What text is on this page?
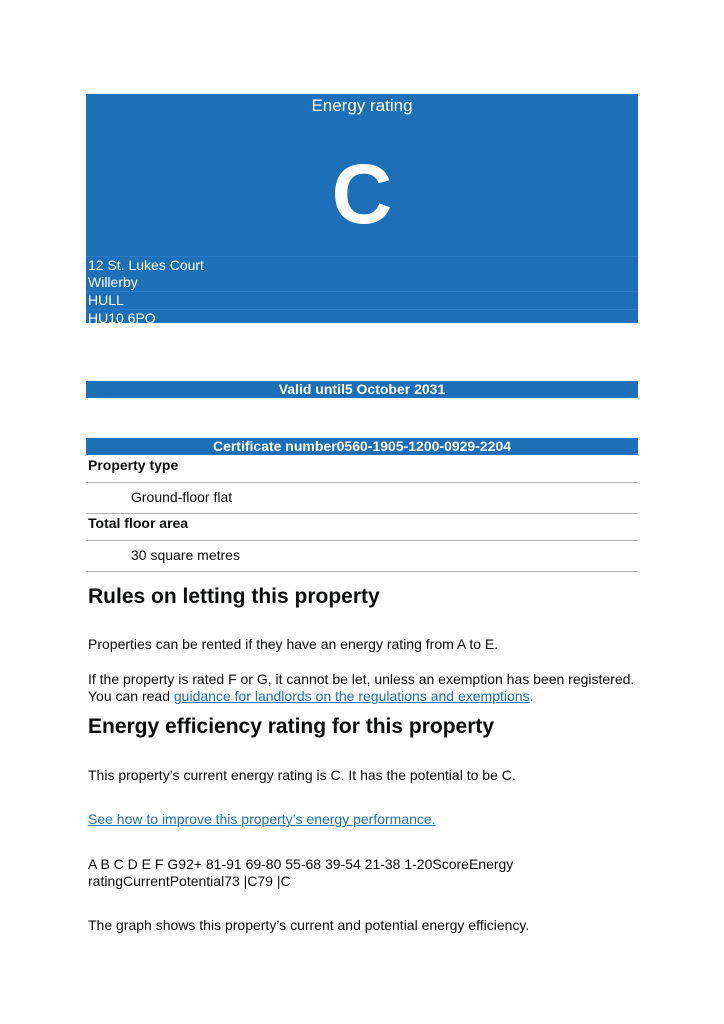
Energy rating
C
12 St. Lukes Court
Willerby
HULL
HU10 6PQ
Valid until5 October 2031
Certificate number0560-1905-1200-0929-2204
Property type
Ground-floor flat
Total floor area
30 square metres
Rules on letting this property

Properties can be rented if they have an energy rating from A to E.

If the property is rated F or G, it cannot be let, unless an exemption has been registered. You can read guidance for landlords on the regulations and exemptions.

Energy efficiency rating for this property

This property’s current energy rating is C. It has the potential to be C.

See how to improve this property’s energy performance.

A B C D E F G92+ 81-91 69-80 55-68 39-54 21-38 1-20ScoreEnergy ratingCurrentPotential73 |C79 |C

The graph shows this property’s current and potential energy efficiency.
